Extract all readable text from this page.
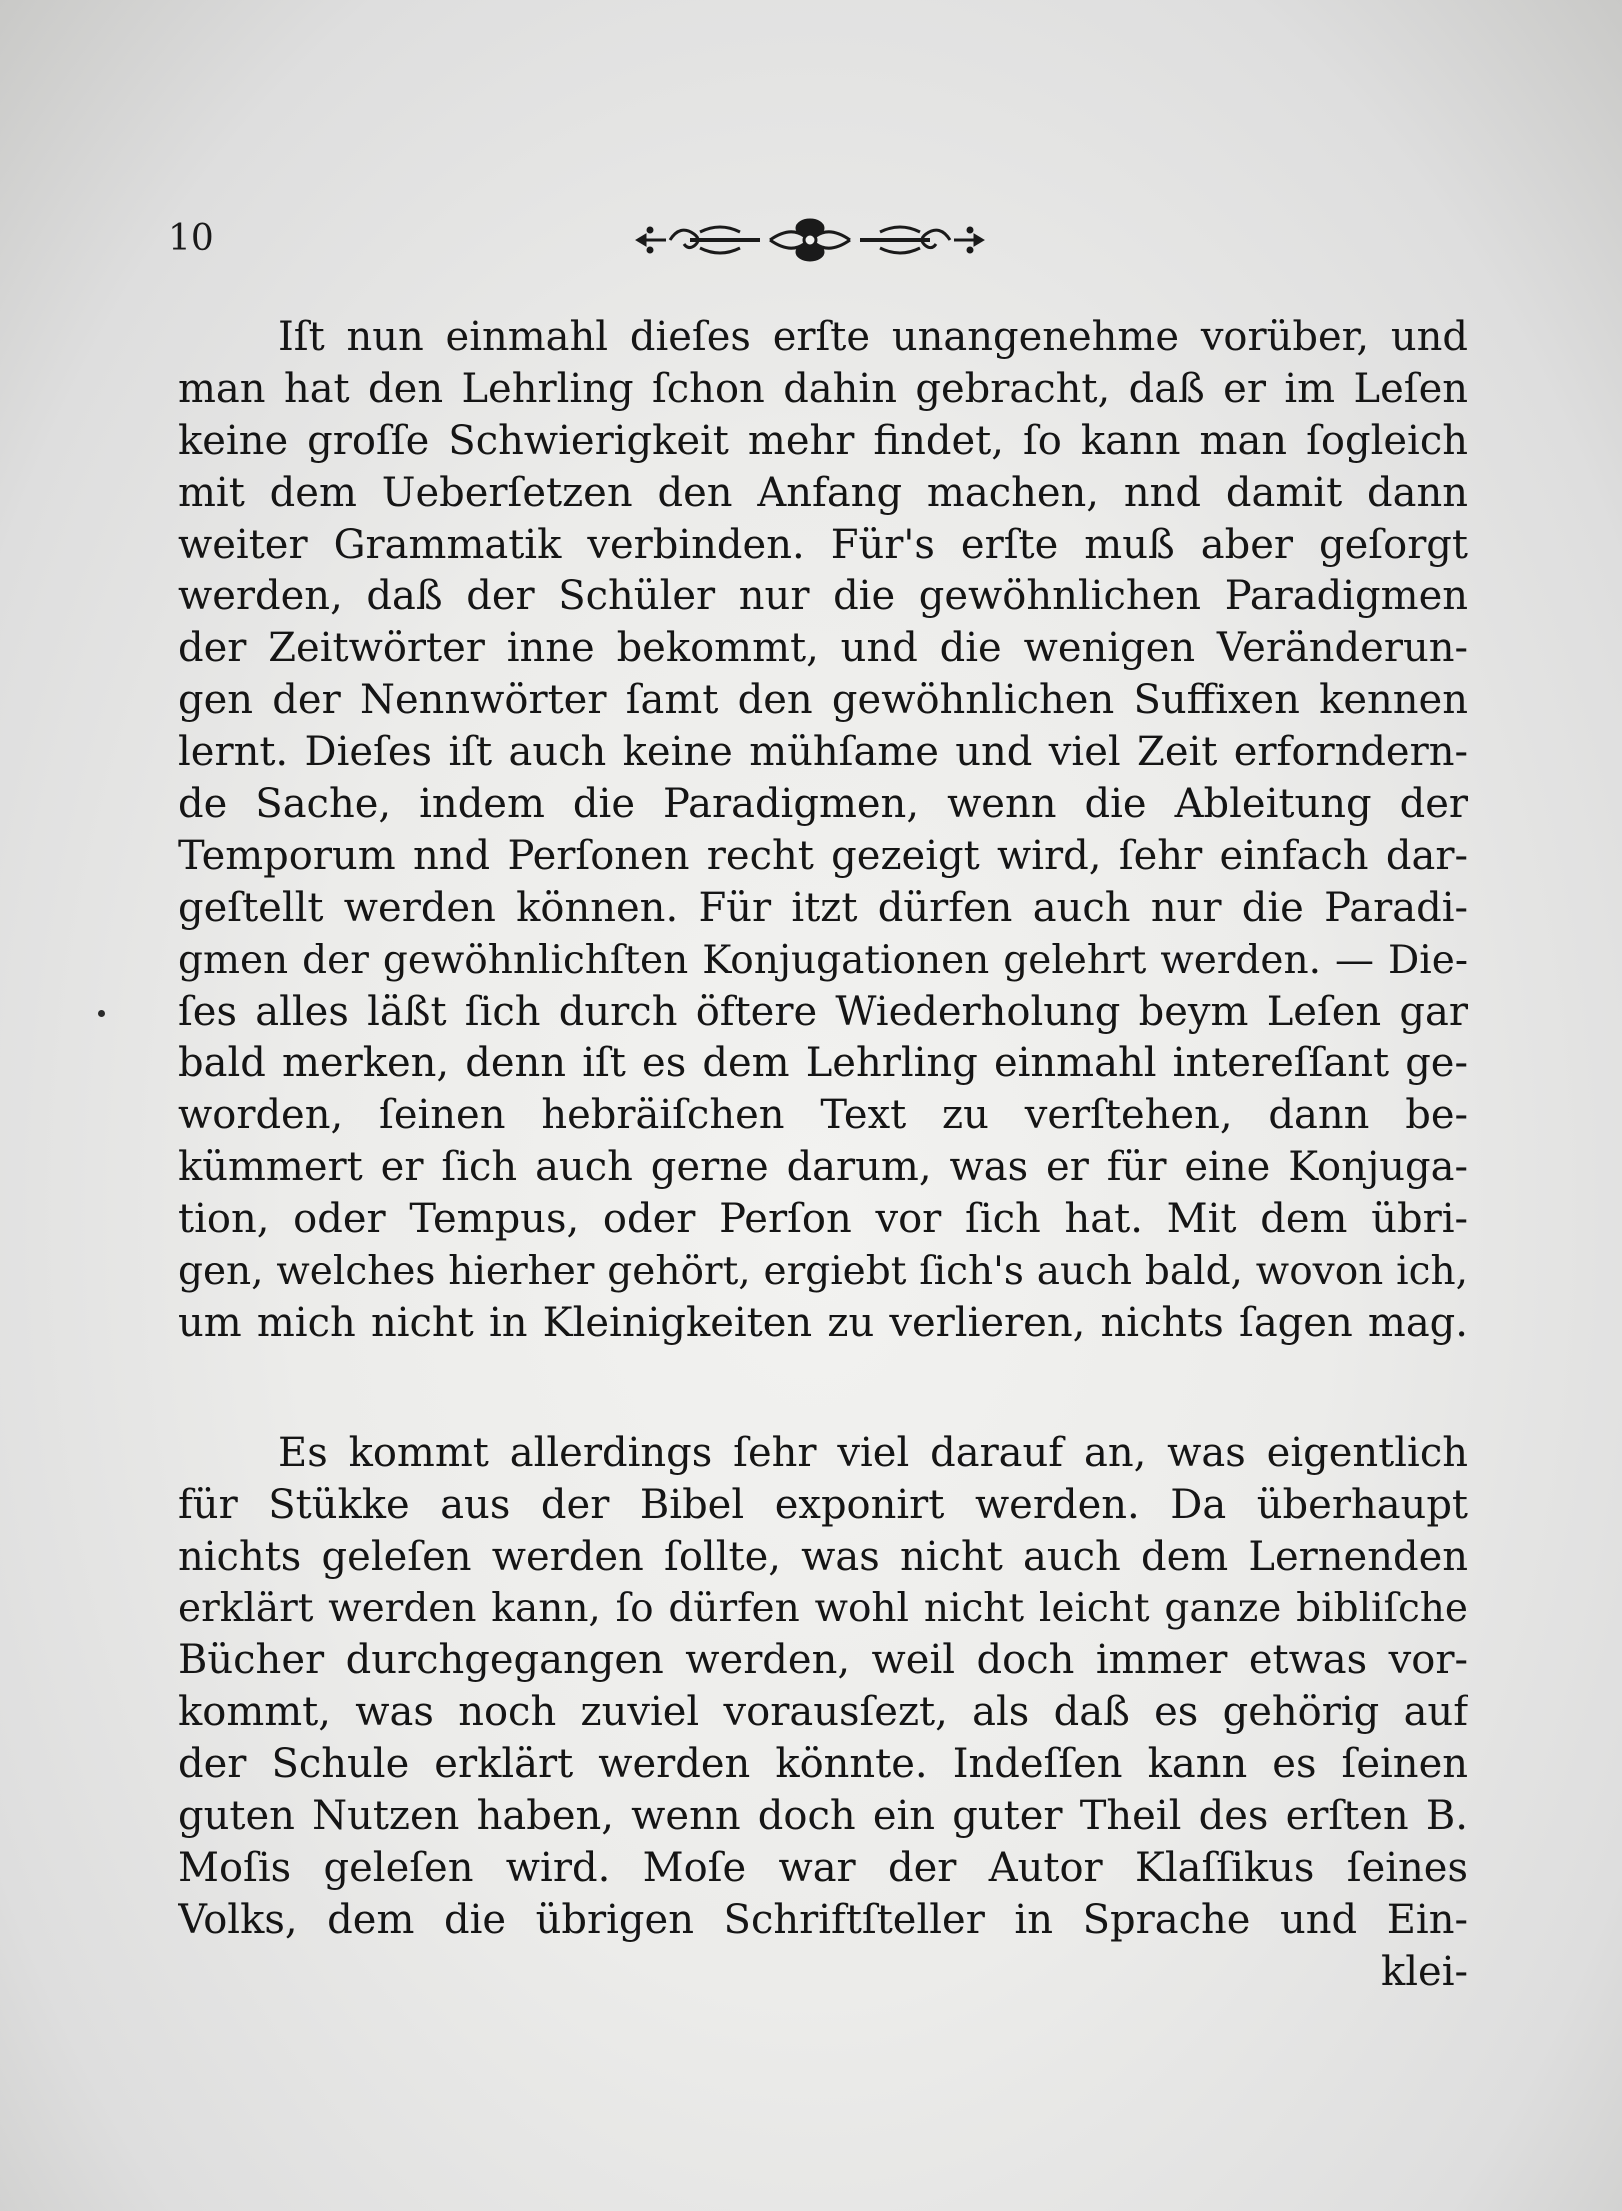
10
Iſt nun einmahl dieſes erſte unangenehme vorüber, und
man hat den Lehrling ſchon dahin gebracht, daß er im Leſen
keine groſſe Schwierigkeit mehr findet, ſo kann man ſogleich
mit dem Ueberſetzen den Anfang machen, nnd damit dann
weiter Grammatik verbinden. Für's erſte muß aber geſorgt
werden, daß der Schüler nur die gewöhnlichen Paradigmen
der Zeitwörter inne bekommt, und die wenigen Veränderun-
gen der Nennwörter ſamt den gewöhnlichen Suffixen kennen
lernt. Dieſes iſt auch keine mühſame und viel Zeit erforndern-
de Sache, indem die Paradigmen, wenn die Ableitung der
Temporum nnd Perſonen recht gezeigt wird, ſehr einfach dar-
geſtellt werden können. Für itzt dürfen auch nur die Paradi-
gmen der gewöhnlichſten Konjugationen gelehrt werden. — Die-
ſes alles läßt ſich durch öftere Wiederholung beym Leſen gar
bald merken, denn iſt es dem Lehrling einmahl intereſſant ge-
worden, ſeinen hebräiſchen Text zu verſtehen, dann be-
kümmert er ſich auch gerne darum, was er für eine Konjuga-
tion, oder Tempus, oder Perſon vor ſich hat. Mit dem übri-
gen, welches hierher gehört, ergiebt ſich's auch bald, wovon ich,
um mich nicht in Kleinigkeiten zu verlieren, nichts ſagen mag.
Es kommt allerdings ſehr viel darauf an, was eigentlich
für Stükke aus der Bibel exponirt werden. Da überhaupt
nichts geleſen werden ſollte, was nicht auch dem Lernenden
erklärt werden kann, ſo dürfen wohl nicht leicht ganze bibliſche
Bücher durchgegangen werden, weil doch immer etwas vor-
kommt, was noch zuviel vorausſezt, als daß es gehörig auf
der Schule erklärt werden könnte. Indeſſen kann es ſeinen
guten Nutzen haben, wenn doch ein guter Theil des erſten B.
Moſis geleſen wird. Moſe war der Autor Klaſſikus ſeines
Volks, dem die übrigen Schriftſteller in Sprache und Ein-
klei-
